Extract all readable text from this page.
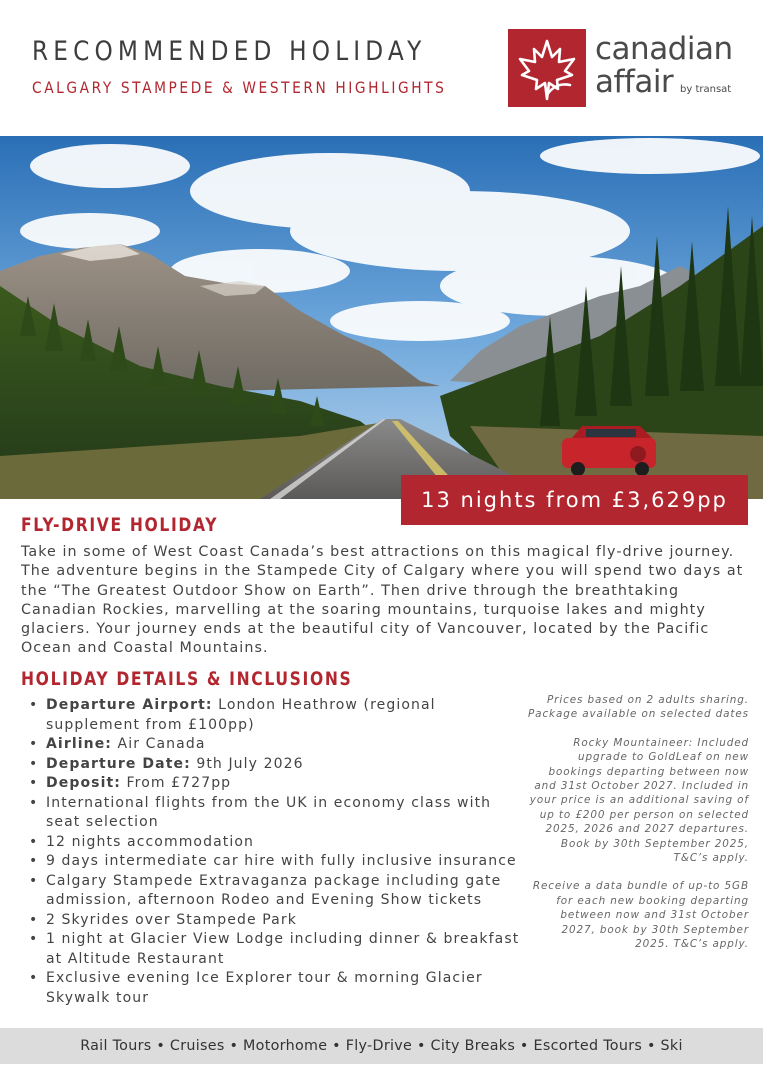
RECOMMENDED HOLIDAY
CALGARY STAMPEDE & WESTERN HIGHLIGHTS
canadian
affair by transat
13 nights from £3,629pp
FLY-DRIVE HOLIDAY
Take in some of West Coast Canada’s best attractions on this magical fly-drive journey. The adventure begins in the Stampede City of Calgary where you will spend two days at the “The Greatest Outdoor Show on Earth”. Then drive through the breathtaking Canadian Rockies, marvelling at the soaring mountains, turquoise lakes and mighty glaciers. Your journey ends at the beautiful city of Vancouver, located by the Pacific Ocean and Coastal Mountains.
HOLIDAY DETAILS & INCLUSIONS
• Departure Airport: London Heathrow (regional supplement from £100pp)
• Airline: Air Canada
• Departure Date: 9th July 2026
• Deposit: From £727pp
• International flights from the UK in economy class with seat selection
• 12 nights accommodation
• 9 days intermediate car hire with fully inclusive insurance
• Calgary Stampede Extravaganza package including gate admission, afternoon Rodeo and Evening Show tickets
• 2 Skyrides over Stampede Park
• 1 night at Glacier View Lodge including dinner & breakfast at Altitude Restaurant
• Exclusive evening Ice Explorer tour & morning Glacier Skywalk tour

Prices based on 2 adults sharing. Package available on selected dates

Rocky Mountaineer: Included upgrade to GoldLeaf on new bookings departing between now and 31st October 2027. Included in your price is an additional saving of up to £200 per person on selected 2025, 2026 and 2027 departures. Book by 30th September 2025, T&C’s apply.

Receive a data bundle of up-to 5GB for each new booking departing between now and 31st October 2027, book by 30th September 2025. T&C’s apply.

Rail Tours • Cruises • Motorhome • Fly-Drive • City Breaks • Escorted Tours • Ski
